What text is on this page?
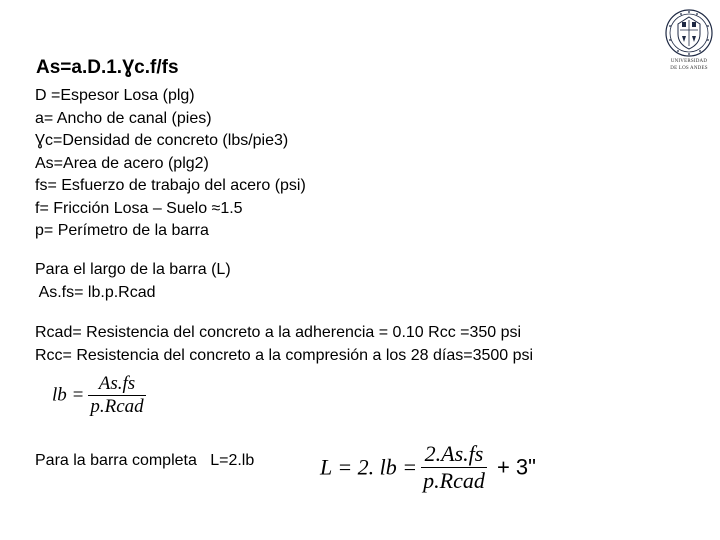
As=a.D.1.Ɣc.f/fs
D =Espesor Losa (plg)
a= Ancho de canal (pies)
Ɣc=Densidad de concreto (lbs/pie3)
As=Area de acero (plg2)
fs= Esfuerzo de trabajo del acero (psi)
f= Fricción Losa – Suelo ≈1.5
p= Perímetro de la barra
Para el largo de la barra (L)
As.fs= lb.p.Rcad
Rcad= Resistencia del concreto a la adherencia = 0.10 Rcc =350 psi
Rcc= Resistencia del concreto a la compresión a los 28 días=3500 psi
lb = $\frac{As.fs}{\text{p.Rcad}}$
Para la barra completa   L=2.lb	L = 2. lb = $\frac{2.As.fs}{\text{p.Rcad}} + 3$"
UNIVERSIDAD
DE LOS ANDES
